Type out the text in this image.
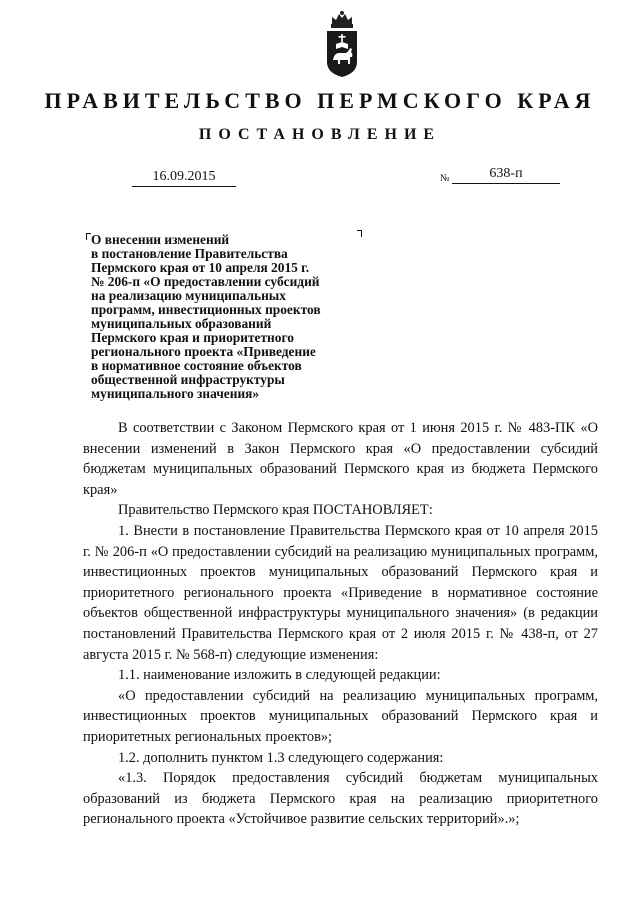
ПРАВИТЕЛЬСТВО ПЕРМСКОГО КРАЯ
ПОСТАНОВЛЕНИЕ
16.09.2015	№	638-п
О внесении изменений
в постановление Правительства
Пермского края от 10 апреля 2015 г.
№ 206-п «О предоставлении субсидий
на реализацию муниципальных
программ, инвестиционных проектов
муниципальных образований
Пермского края и приоритетного
регионального проекта «Приведение
в нормативное состояние объектов
общественной инфраструктуры
муниципального значения»

В соответствии с Законом Пермского края от 1 июня 2015 г. № 483-ПК «О внесении изменений в Закон Пермского края «О предоставлении субсидий бюджетам муниципальных образований Пермского края из бюджета Пермского края»

Правительство Пермского края ПОСТАНОВЛЯЕТ:

1. Внести в постановление Правительства Пермского края от 10 апреля 2015 г. № 206-п «О предоставлении субсидий на реализацию муниципальных программ, инвестиционных проектов муниципальных образований Пермского края и приоритетного регионального проекта «Приведение в нормативное состояние объектов общественной инфраструктуры муниципального значения» (в редакции постановлений Правительства Пермского края от 2 июля 2015 г. № 438-п, от 27 августа 2015 г. № 568-п) следующие изменения:

1.1. наименование изложить в следующей редакции:

«О предоставлении субсидий на реализацию муниципальных программ, инвестиционных проектов муниципальных образований Пермского края и приоритетных региональных проектов»;

1.2. дополнить пунктом 1.3 следующего содержания:

«1.3. Порядок предоставления субсидий бюджетам муниципальных образований из бюджета Пермского края на реализацию приоритетного регионального проекта «Устойчивое развитие сельских территорий».»;
